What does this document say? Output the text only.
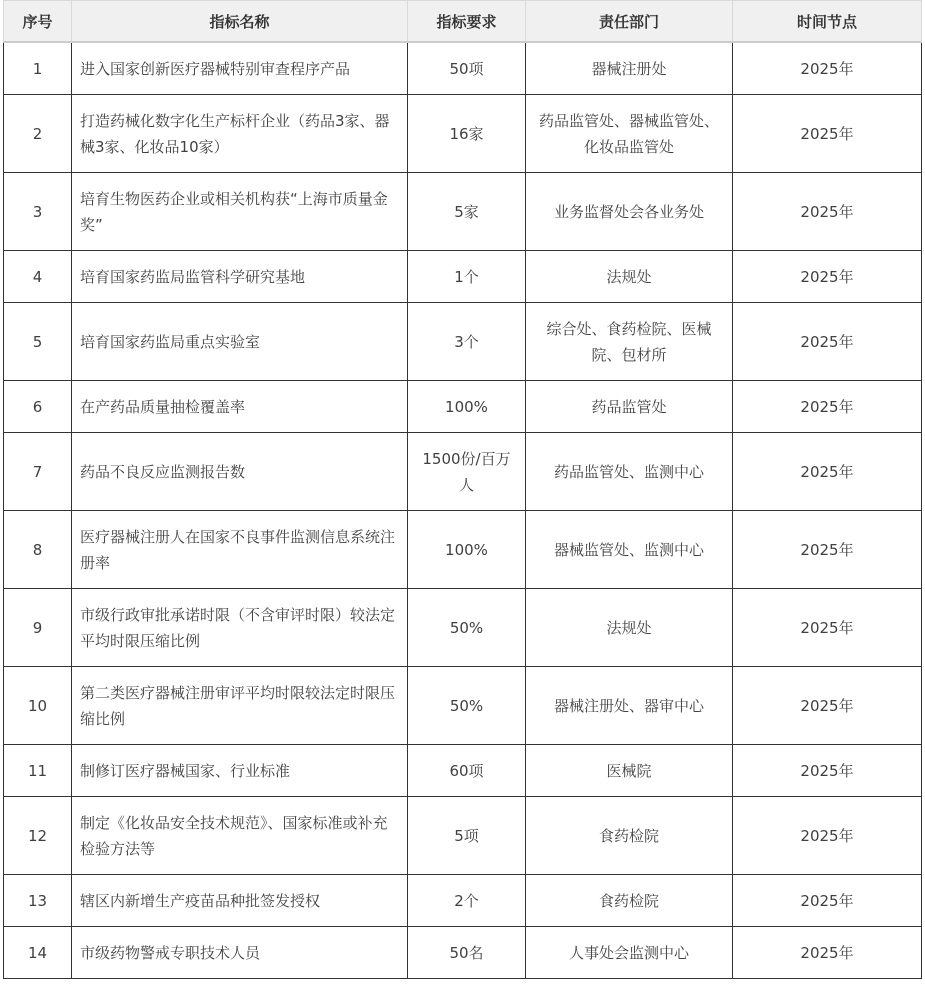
序号	指标名称	指标要求	责任部门	时间节点
1	进入国家创新医疗器械特别审查程序产品	50项	器械注册处	2025年
2	打造药械化数字化生产标杆企业（药品3家、器械3家、化妆品10家）	16家	药品监管处、器械监管处、化妆品监管处	2025年
3	培育生物医药企业或相关机构获“上海市质量金奖”	5家	业务监督处会各业务处	2025年
4	培育国家药监局监管科学研究基地	1个	法规处	2025年
5	培育国家药监局重点实验室	3个	综合处、食药检院、医械院、包材所	2025年
6	在产药品质量抽检覆盖率	100%	药品监管处	2025年
7	药品不良反应监测报告数	1500份/百万人	药品监管处、监测中心	2025年
8	医疗器械注册人在国家不良事件监测信息系统注册率	100%	器械监管处、监测中心	2025年
9	市级行政审批承诺时限（不含审评时限）较法定平均时限压缩比例	50%	法规处	2025年
10	第二类医疗器械注册审评平均时限较法定时限压缩比例	50%	器械注册处、器审中心	2025年
11	制修订医疗器械国家、行业标准	60项	医械院	2025年
12	制定《化妆品安全技术规范》、国家标准或补充检验方法等	5项	食药检院	2025年
13	辖区内新增生产疫苗品种批签发授权	2个	食药检院	2025年
14	市级药物警戒专职技术人员	50名	人事处会监测中心	2025年
